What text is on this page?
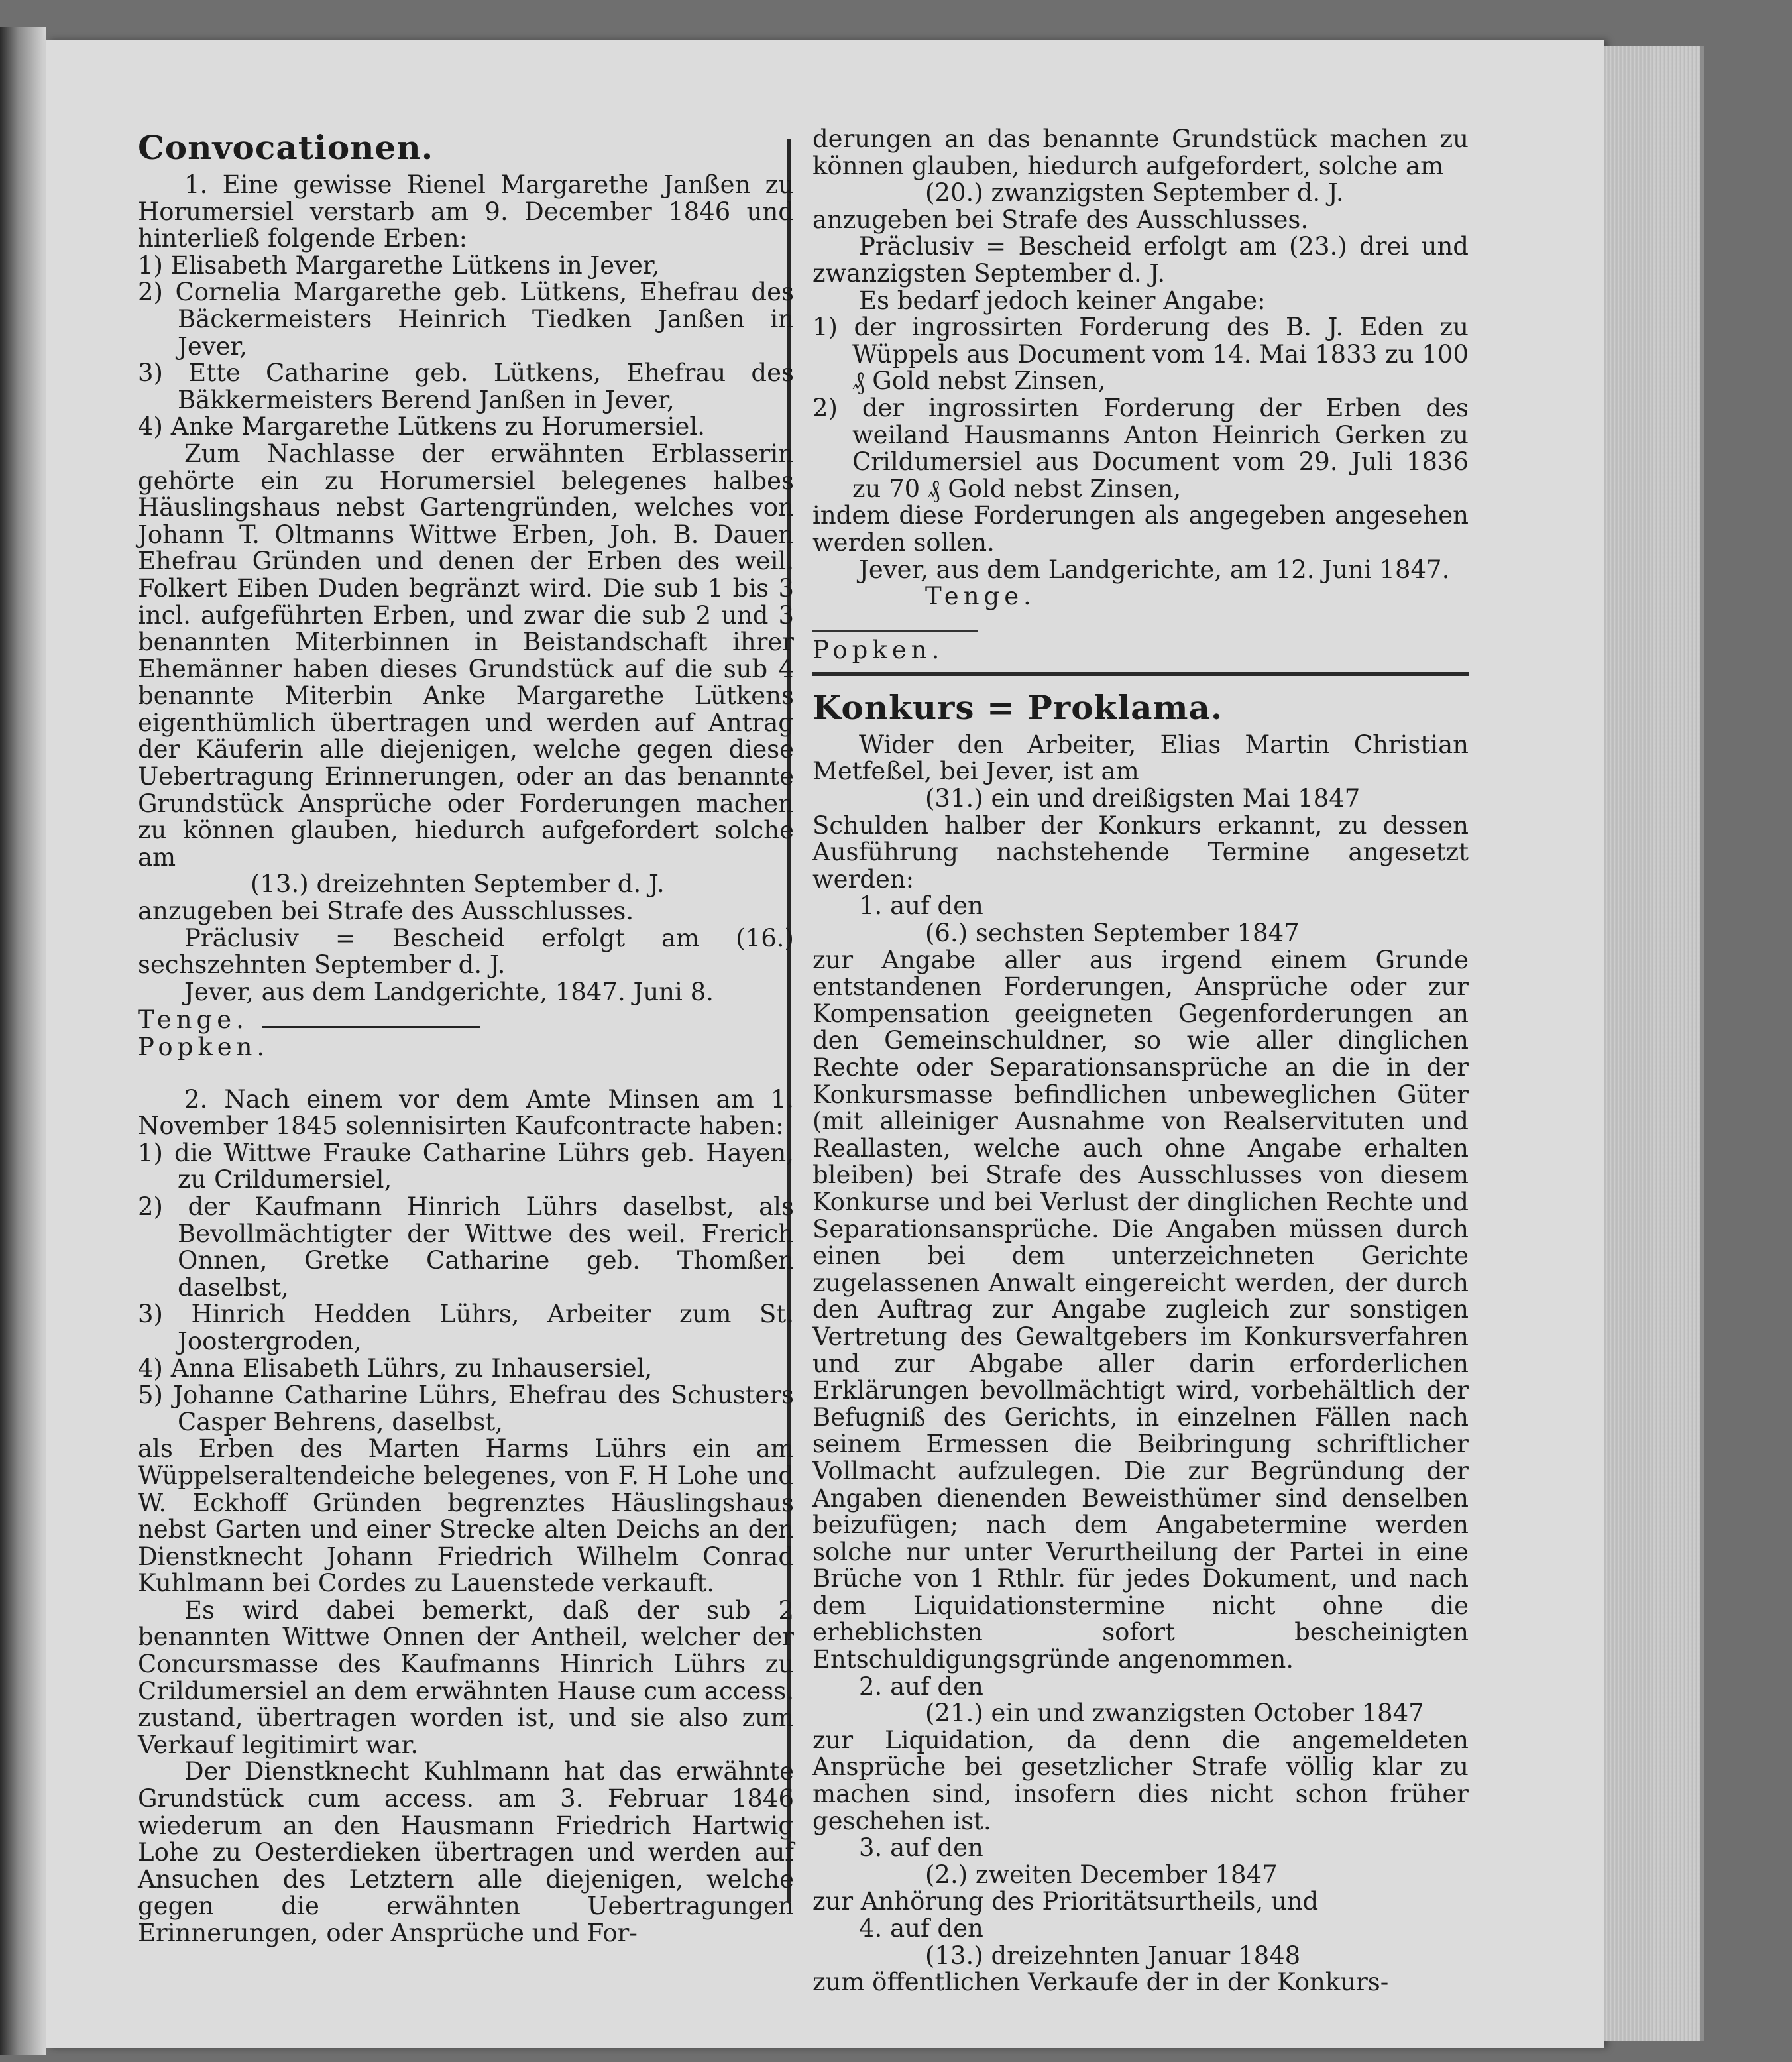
Convocationen.

1. Eine gewisse Rienel Margarethe Janßen zu Horumersiel verstarb am 9. December 1846 und hinterließ folgende Erben:

1) Elisabeth Margarethe Lütkens in Jever,

2) Cornelia Margarethe geb. Lütkens, Ehefrau des Bäckermeisters Heinrich Tiedken Janßen in Jever,

3) Ette Catharine geb. Lütkens, Ehefrau des Bäkkermeisters Berend Janßen in Jever,

4) Anke Margarethe Lütkens zu Horumersiel.

Zum Nachlasse der erwähnten Erblasserin gehörte ein zu Horumersiel belegenes halbes Häuslingshaus nebst Gartengründen, welches von Johann T. Oltmanns Wittwe Erben, Joh. B. Dauen Ehefrau Gründen und denen der Erben des weil. Folkert Eiben Duden begränzt wird. Die sub 1 bis 3 incl. aufgeführten Erben, und zwar die sub 2 und 3 benannten Miterbinnen in Beistandschaft ihrer Ehemänner haben dieses Grundstück auf die sub 4 benannte Miterbin Anke Margarethe Lütkens eigenthümlich übertragen und werden auf Antrag der Käuferin alle diejenigen, welche gegen diese Uebertragung Erinnerungen, oder an das benannte Grundstück Ansprüche oder Forderungen machen zu können glauben, hiedurch aufgefordert solche am

(13.) dreizehnten September d. J.

anzugeben bei Strafe des Ausschlusses.

Präclusiv = Bescheid erfolgt am (16.) sechszehnten September d. J.

Jever, aus dem Landgerichte, 1847. Juni 8.

Tenge.

Popken.

2. Nach einem vor dem Amte Minsen am 1. November 1845 solennisirten Kaufcontracte haben:

1) die Wittwe Frauke Catharine Lührs geb. Hayen, zu Crildumersiel,

2) der Kaufmann Hinrich Lührs daselbst, als Bevollmächtigter der Wittwe des weil. Frerich Onnen, Gretke Catharine geb. Thomßen daselbst,

3) Hinrich Hedden Lührs, Arbeiter zum St. Joostergroden,

4) Anna Elisabeth Lührs, zu Inhausersiel,

5) Johanne Catharine Lührs, Ehefrau des Schusters Casper Behrens, daselbst,

als Erben des Marten Harms Lührs ein am Wüppelseraltendeiche belegenes, von F. H Lohe und W. Eckhoff Gründen begrenztes Häuslingshaus nebst Garten und einer Strecke alten Deichs an den Dienstknecht Johann Friedrich Wilhelm Conrad Kuhlmann bei Cordes zu Lauenstede verkauft.

Es wird dabei bemerkt, daß der sub 2 benannten Wittwe Onnen der Antheil, welcher der Concursmasse des Kaufmanns Hinrich Lührs zu Crildumersiel an dem erwähnten Hause cum access. zustand, übertragen worden ist, und sie also zum Verkauf legitimirt war.

Der Dienstknecht Kuhlmann hat das erwähnte Grundstück cum access. am 3. Februar 1846 wiederum an den Hausmann Friedrich Hartwig Lohe zu Oesterdieken übertragen und werden auf Ansuchen des Letztern alle diejenigen, welche gegen die erwähnten Uebertragungen Erinnerungen, oder Ansprüche und For-

derungen an das benannte Grundstück machen zu können glauben, hiedurch aufgefordert, solche am

(20.) zwanzigsten September d. J.

anzugeben bei Strafe des Ausschlusses.

Präclusiv = Bescheid erfolgt am (23.) drei und zwanzigsten September d. J.

Es bedarf jedoch keiner Angabe:

1) der ingrossirten Forderung des B. J. Eden zu Wüppels aus Document vom 14. Mai 1833 zu 100 ₰ Gold nebst Zinsen,

2) der ingrossirten Forderung der Erben des weiland Hausmanns Anton Heinrich Gerken zu Crildumersiel aus Document vom 29. Juli 1836 zu 70 ₰ Gold nebst Zinsen,

indem diese Forderungen als angegeben angesehen werden sollen.

Jever, aus dem Landgerichte, am 12. Juni 1847.

Tenge.

Popken.

Konkurs = Proklama.

Wider den Arbeiter, Elias Martin Christian Metfeßel, bei Jever, ist am

(31.) ein und dreißigsten Mai 1847

Schulden halber der Konkurs erkannt, zu dessen Ausführung nachstehende Termine angesetzt werden:

1. auf den

(6.) sechsten September 1847

zur Angabe aller aus irgend einem Grunde entstandenen Forderungen, Ansprüche oder zur Kompensation geeigneten Gegenforderungen an den Gemeinschuldner, so wie aller dinglichen Rechte oder Separationsansprüche an die in der Konkursmasse befindlichen unbeweglichen Güter (mit alleiniger Ausnahme von Realservituten und Reallasten, welche auch ohne Angabe erhalten bleiben) bei Strafe des Ausschlusses von diesem Konkurse und bei Verlust der dinglichen Rechte und Separationsansprüche. Die Angaben müssen durch einen bei dem unterzeichneten Gerichte zugelassenen Anwalt eingereicht werden, der durch den Auftrag zur Angabe zugleich zur sonstigen Vertretung des Gewaltgebers im Konkursverfahren und zur Abgabe aller darin erforderlichen Erklärungen bevollmächtigt wird, vorbehältlich der Befugniß des Gerichts, in einzelnen Fällen nach seinem Ermessen die Beibringung schriftlicher Vollmacht aufzulegen. Die zur Begründung der Angaben dienenden Beweisthümer sind denselben beizufügen; nach dem Angabetermine werden solche nur unter Verurtheilung der Partei in eine Brüche von 1 Rthlr. für jedes Dokument, und nach dem Liquidationstermine nicht ohne die erheblichsten sofort bescheinigten Entschuldigungsgründe angenommen.

2. auf den

(21.) ein und zwanzigsten October 1847

zur Liquidation, da denn die angemeldeten Ansprüche bei gesetzlicher Strafe völlig klar zu machen sind, insofern dies nicht schon früher geschehen ist.

3. auf den

(2.) zweiten December 1847

zur Anhörung des Prioritätsurtheils, und

4. auf den

(13.) dreizehnten Januar 1848

zum öffentlichen Verkaufe der in der Konkurs-
